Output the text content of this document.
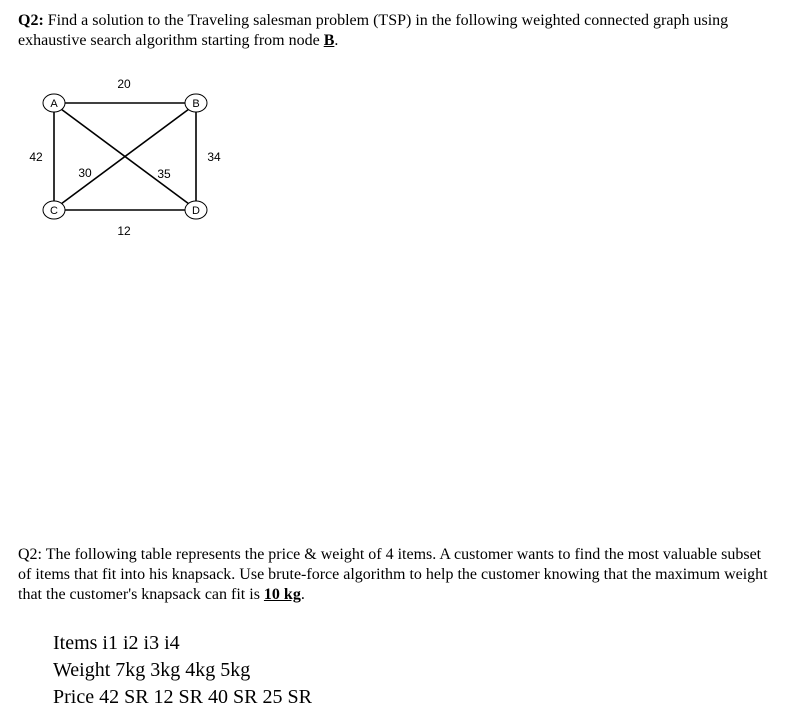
Q2: Find a solution to the Traveling salesman problem (TSP) in the following weighted connected graph using exhaustive search algorithm starting from node B.
A	B
C	D
20
42	34
12
30	35
Q2: The following table represents the price & weight of 4 items. A customer wants to find the most valuable subset of items that fit into his knapsack. Use brute-force algorithm to help the customer knowing that the maximum weight that the customer's knapsack can fit is 10 kg.
Items i1 i2 i3 i4
Weight 7kg 3kg 4kg 5kg
Price 42 SR 12 SR 40 SR 25 SR
